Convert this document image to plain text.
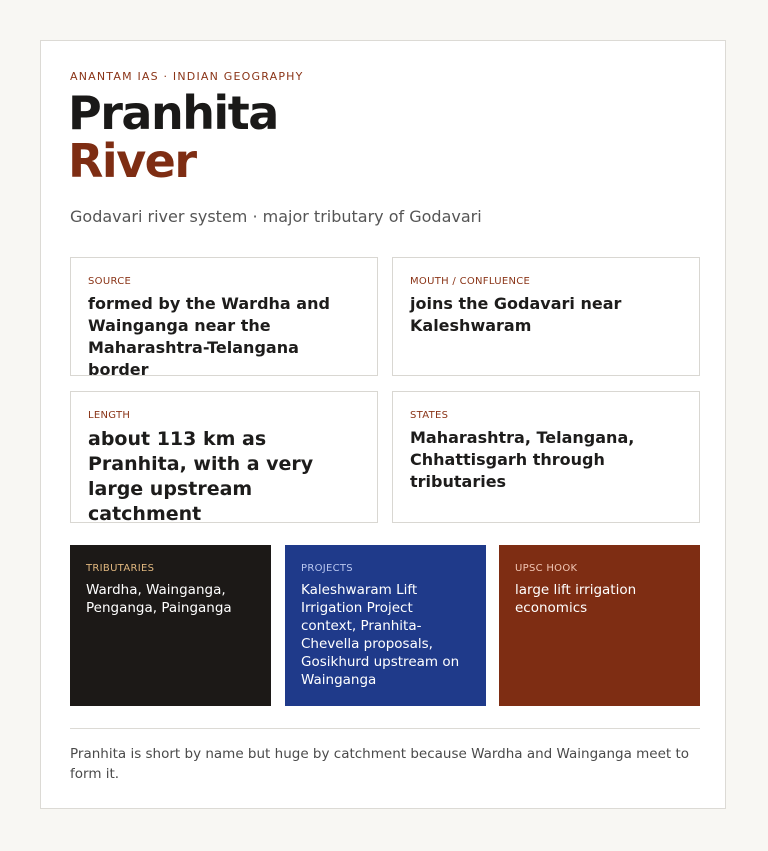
ANANTAM IAS · INDIAN GEOGRAPHY
Pranhita
River
Godavari river system · major tributary of Godavari
SOURCE
formed by the Wardha and Wainganga near the Maharashtra-Telangana border
MOUTH / CONFLUENCE
joins the Godavari near Kaleshwaram
LENGTH
about 113 km as Pranhita, with a very large upstream catchment
STATES
Maharashtra, Telangana, Chhattisgarh through tributaries
TRIBUTARIES
Wardha, Wainganga, Penganga, Painganga
PROJECTS
Kaleshwaram Lift Irrigation Project context, Pranhita-Chevella proposals, Gosikhurd upstream on Wainganga
UPSC HOOK
large lift irrigation economics
Pranhita is short by name but huge by catchment because Wardha and Wainganga meet to form it.
